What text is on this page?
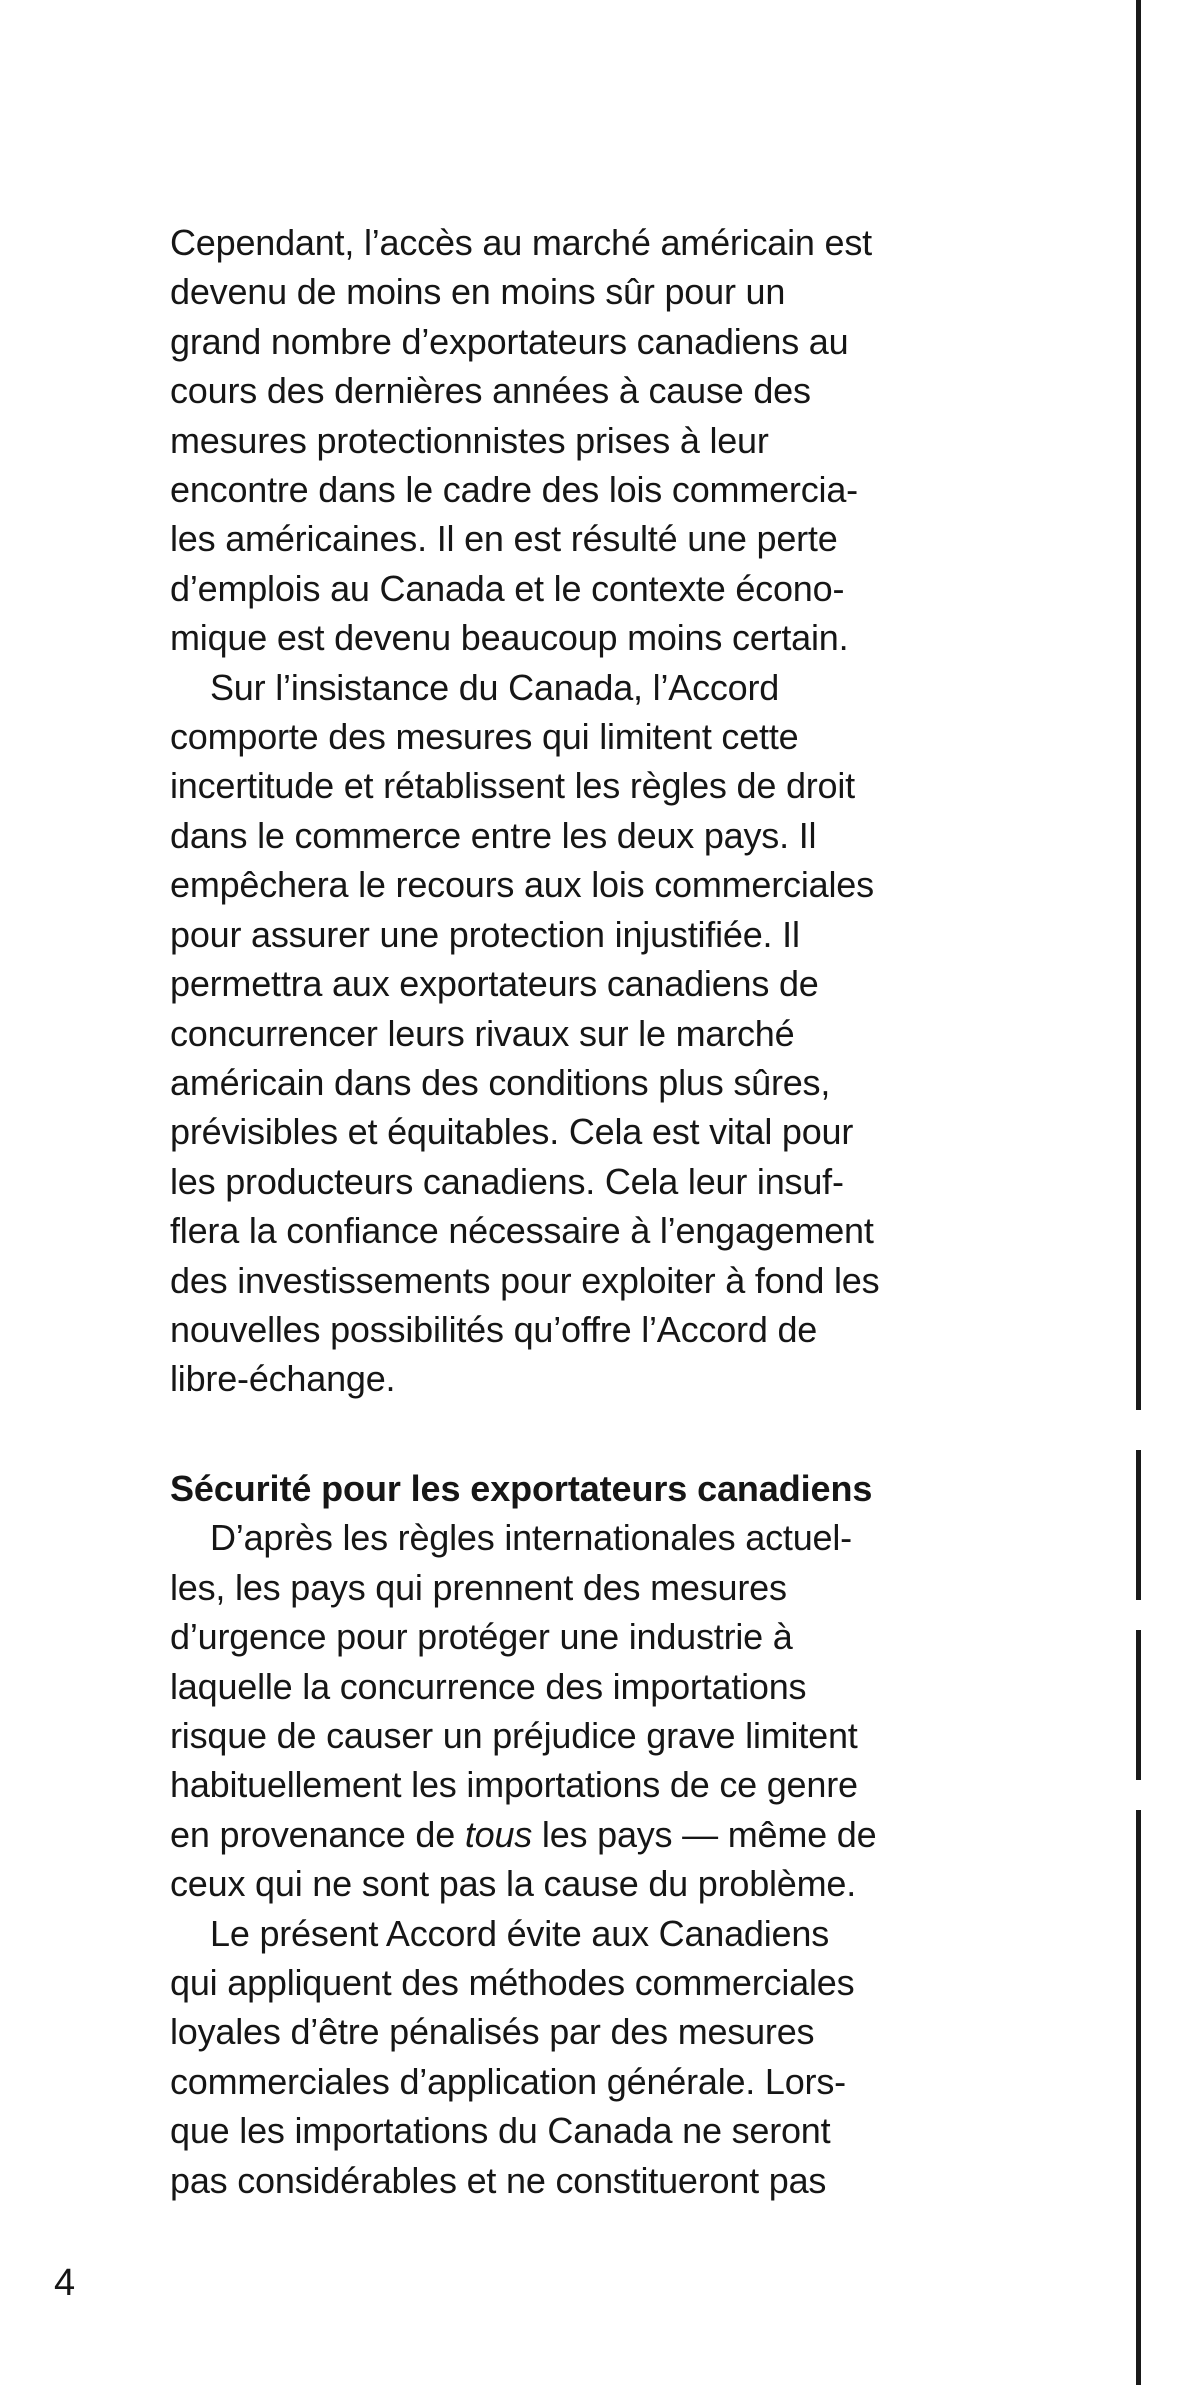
Cependant, l’accès au marché américain est
devenu de moins en moins sûr pour un
grand nombre d’exportateurs canadiens au
cours des dernières années à cause des
mesures protectionnistes prises à leur
encontre dans le cadre des lois commercia-
les américaines. Il en est résulté une perte
d’emplois au Canada et le contexte écono-
mique est devenu beaucoup moins certain.
Sur l’insistance du Canada, l’Accord
comporte des mesures qui limitent cette
incertitude et rétablissent les règles de droit
dans le commerce entre les deux pays. Il
empêchera le recours aux lois commerciales
pour assurer une protection injustifiée. Il
permettra aux exportateurs canadiens de
concurrencer leurs rivaux sur le marché
américain dans des conditions plus sûres,
prévisibles et équitables. Cela est vital pour
les producteurs canadiens. Cela leur insuf-
flera la confiance nécessaire à l’engagement
des investissements pour exploiter à fond les
nouvelles possibilités qu’offre l’Accord de
libre-échange.
Sécurité pour les exportateurs canadiens
D’après les règles internationales actuel-
les, les pays qui prennent des mesures
d’urgence pour protéger une industrie à
laquelle la concurrence des importations
risque de causer un préjudice grave limitent
habituellement les importations de ce genre
en provenance de tous les pays — même de
ceux qui ne sont pas la cause du problème.
Le présent Accord évite aux Canadiens
qui appliquent des méthodes commerciales
loyales d’être pénalisés par des mesures
commerciales d’application générale. Lors-
que les importations du Canada ne seront
pas considérables et ne constitueront pas
4
